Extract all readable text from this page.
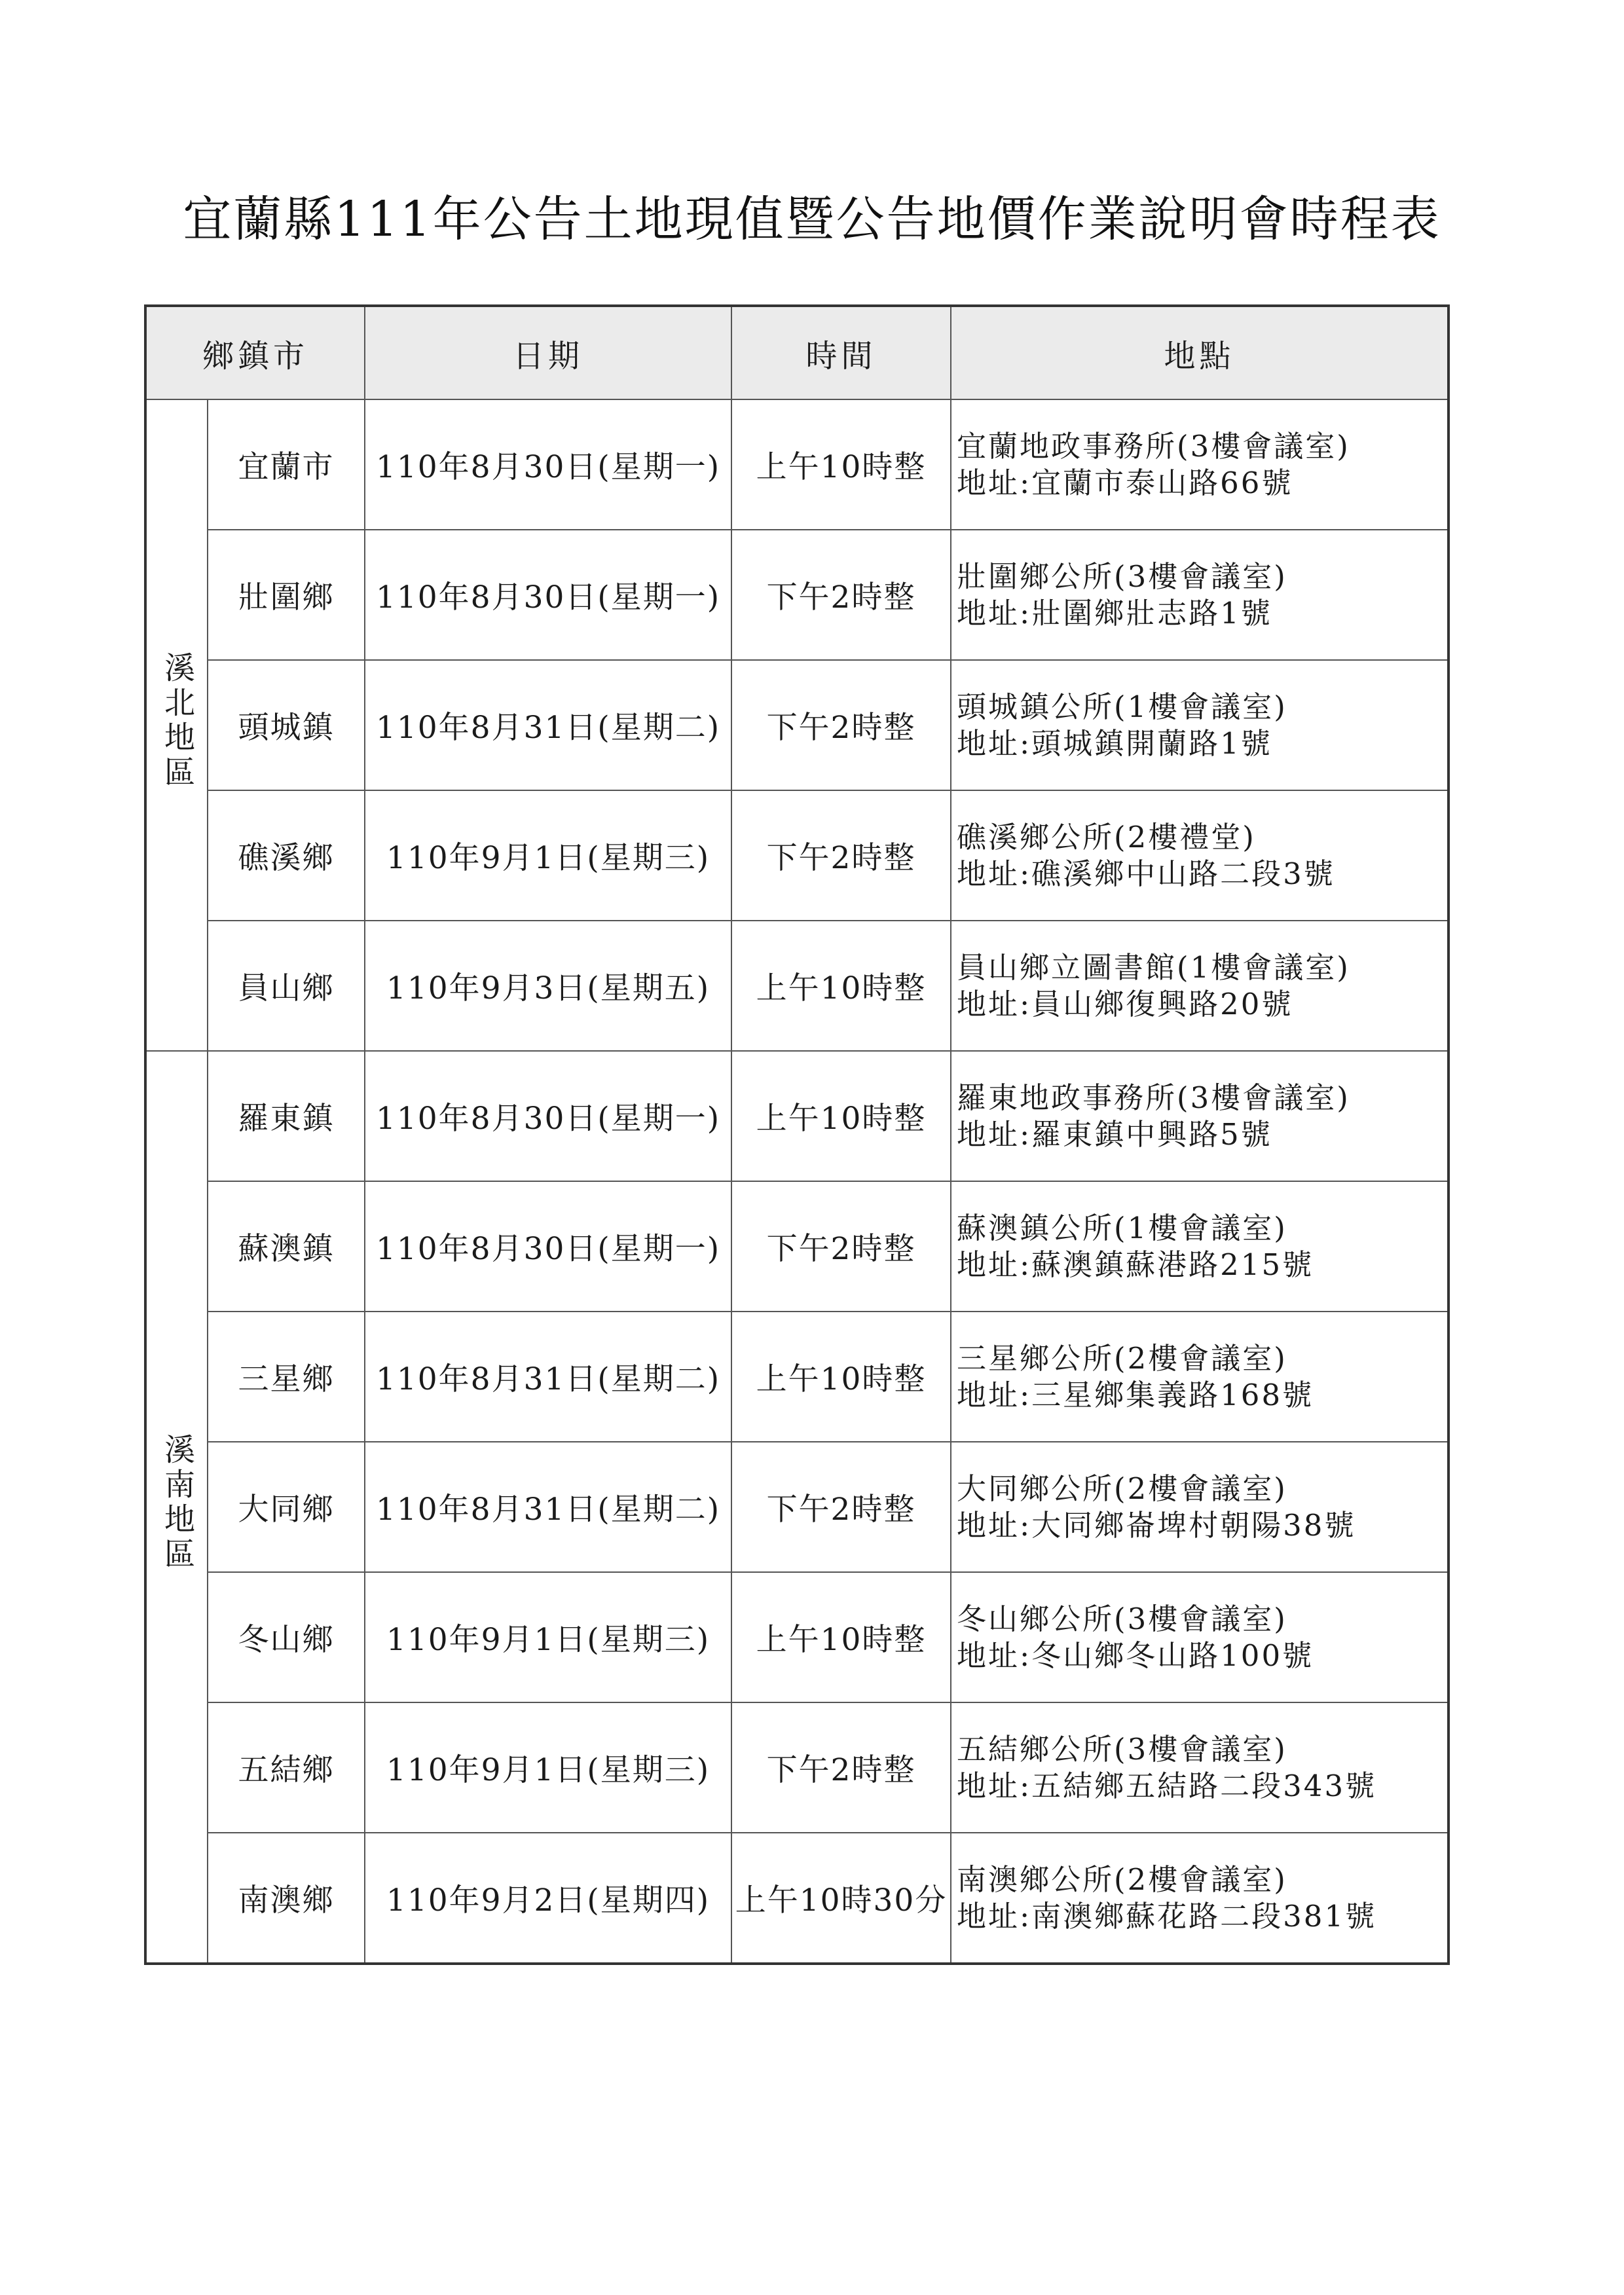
宜蘭縣111年公告土地現值暨公告地價作業說明會時程表
鄉鎮市		日期	時間	地點
溪北地區	宜蘭市	110年8月30日(星期一)	上午10時整	宜蘭地政事務所(3樓會議室)
地址:宜蘭市泰山路66號

	壯圍鄉	110年8月30日(星期一)	下午2時整	壯圍鄉公所(3樓會議室)
地址:壯圍鄉壯志路1號

	頭城鎮	110年8月31日(星期二)	下午2時整	頭城鎮公所(1樓會議室)
地址:頭城鎮開蘭路1號

	礁溪鄉	110年9月1日(星期三)	下午2時整	礁溪鄉公所(2樓禮堂)
地址:礁溪鄉中山路二段3號

	員山鄉	110年9月3日(星期五)	上午10時整	員山鄉立圖書館(1樓會議室)
地址:員山鄉復興路20號

溪南地區	羅東鎮	110年8月30日(星期一)	上午10時整	羅東地政事務所(3樓會議室)
地址:羅東鎮中興路5號

	蘇澳鎮	110年8月30日(星期一)	下午2時整	蘇澳鎮公所(1樓會議室)
地址:蘇澳鎮蘇港路215號

	三星鄉	110年8月31日(星期二)	上午10時整	三星鄉公所(2樓會議室)
地址:三星鄉集義路168號

	大同鄉	110年8月31日(星期二)	下午2時整	大同鄉公所(2樓會議室)
地址:大同鄉崙埤村朝陽38號

	冬山鄉	110年9月1日(星期三)	上午10時整	冬山鄉公所(3樓會議室)
地址:冬山鄉冬山路100號

	五結鄉	110年9月1日(星期三)	下午2時整	五結鄉公所(3樓會議室)
地址:五結鄉五結路二段343號

	南澳鄉	110年9月2日(星期四)	上午10時30分	南澳鄉公所(2樓會議室)
地址:南澳鄉蘇花路二段381號
